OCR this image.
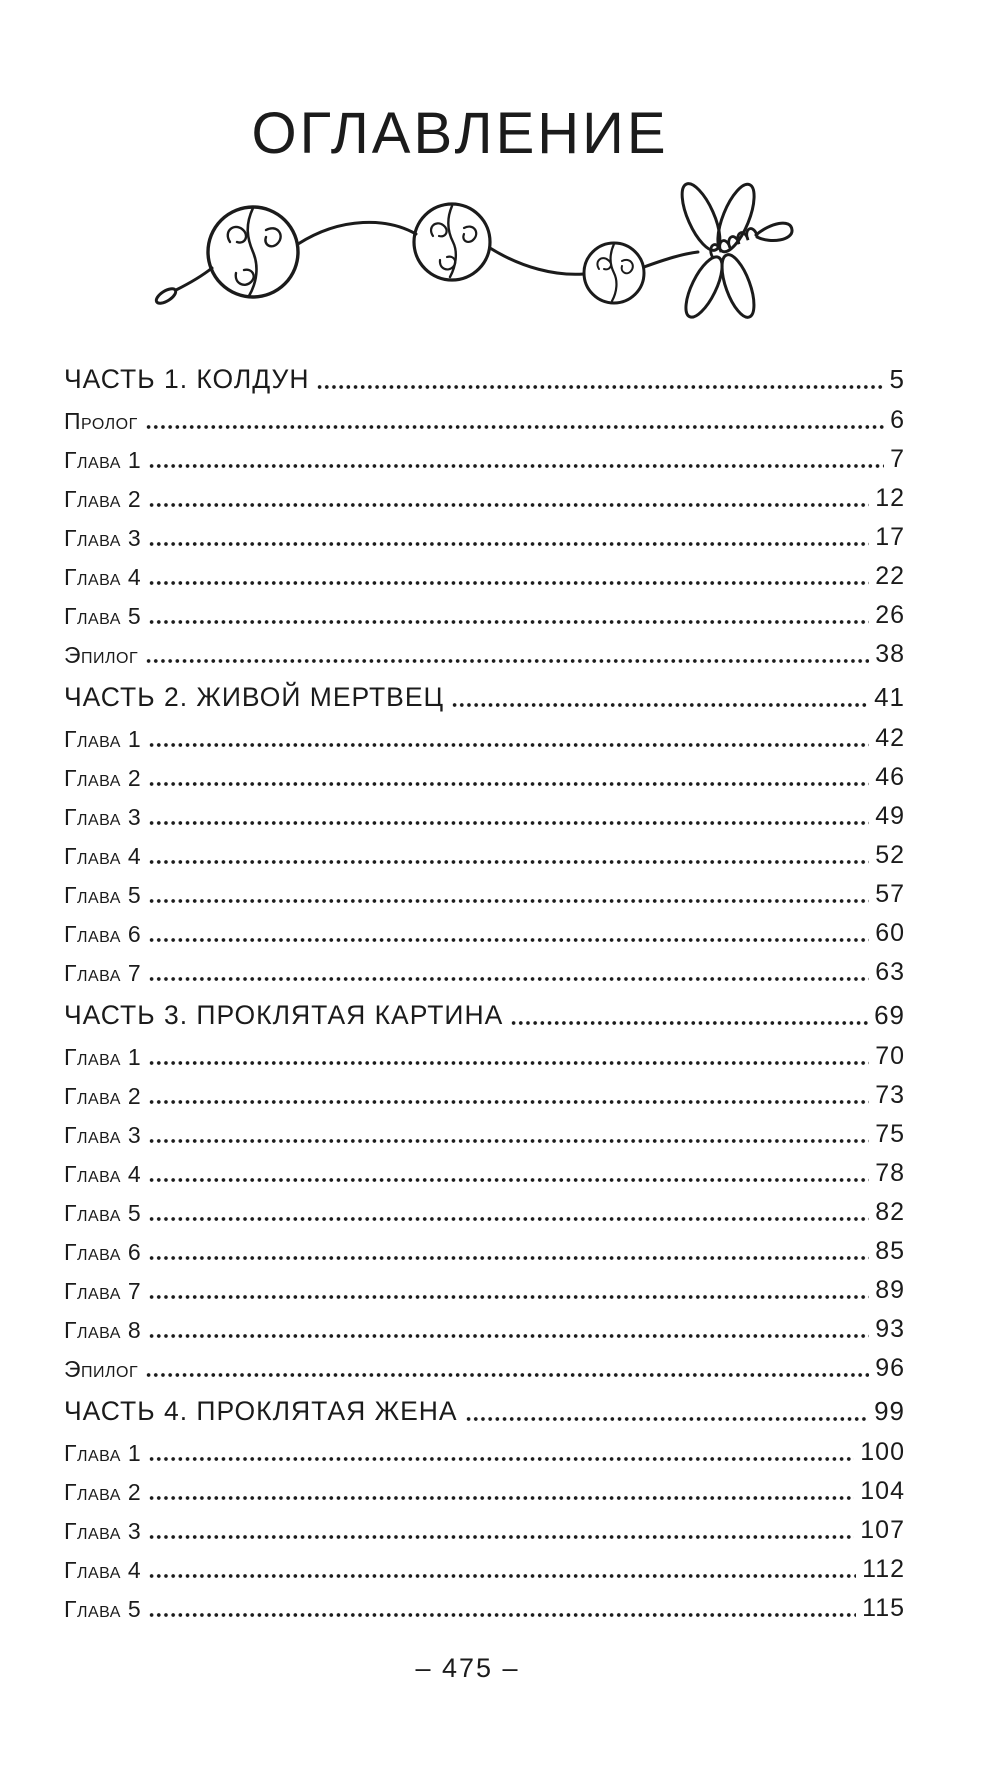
ОГЛАВЛЕНИЕ
ЧАСТЬ 1. КОЛДУН	5
Пролог	6
Глава 1	7
Глава 2	12
Глава 3	17
Глава 4	22
Глава 5	26
Эпилог	38
ЧАСТЬ 2. ЖИВОЙ МЕРТВЕЦ	41
Глава 1	42
Глава 2	46
Глава 3	49
Глава 4	52
Глава 5	57
Глава 6	60
Глава 7	63
ЧАСТЬ 3. ПРОКЛЯТАЯ КАРТИНА	69
Глава 1	70
Глава 2	73
Глава 3	75
Глава 4	78
Глава 5	82
Глава 6	85
Глава 7	89
Глава 8	93
Эпилог	96
ЧАСТЬ 4. ПРОКЛЯТАЯ ЖЕНА	99
Глава 1	100
Глава 2	104
Глава 3	107
Глава 4	112
Глава 5	115
– 475 –
